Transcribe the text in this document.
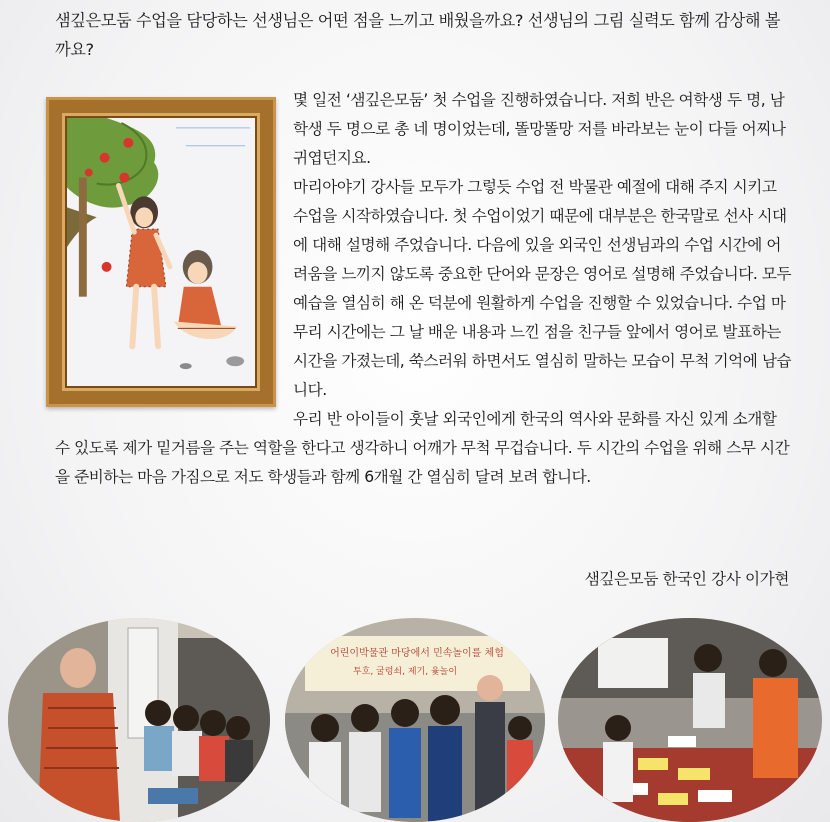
샘깊은모둠 수업을 담당하는 선생님은 어떤 점을 느끼고 배웠을까요? 선생님의 그림 실력도 함께 감상해 볼까요?

몇 일전 ‘샘깊은모둠’ 첫 수업을 진행하였습니다. 저희 반은 여학생 두 명, 남학생 두 명으로 총 네 명이었는데, 똘망똘망 저를 바라보는 눈이 다들 어찌나 귀엽던지요.

마리아야기 강사들 모두가 그렇듯 수업 전 박물관 예절에 대해 주지 시키고 수업을 시작하였습니다. 첫 수업이었기 때문에 대부분은 한국말로 선사 시대에 대해 설명해 주었습니다. 다음에 있을 외국인 선생님과의 수업 시간에 어려움을 느끼지 않도록 중요한 단어와 문장은 영어로 설명해 주었습니다. 모두 예습을 열심히 해 온 덕분에 원활하게 수업을 진행할 수 있었습니다. 수업 마무리 시간에는 그 날 배운 내용과 느낀 점을 친구들 앞에서 영어로 발표하는 시간을 가졌는데, 쑥스러워 하면서도 열심히 말하는 모습이 무척 기억에 남습니다.

우리 반 아이들이 훗날 외국인에게 한국의 역사와 문화를 자신 있게 소개할 수 있도록 제가 밑거름을 주는 역할을 한다고 생각하니 어깨가 무척 무겁습니다. 두 시간의 수업을 위해 스무 시간을 준비하는 마음 가짐으로 저도 학생들과 함께 6개월 간 열심히 달려 보려 합니다.

샘깊은모둠 한국인 강사 이가현
어린이박물관 마당에서 민속놀이를 체험
투호, 굴렁쇠, 제기, 윷놀이
